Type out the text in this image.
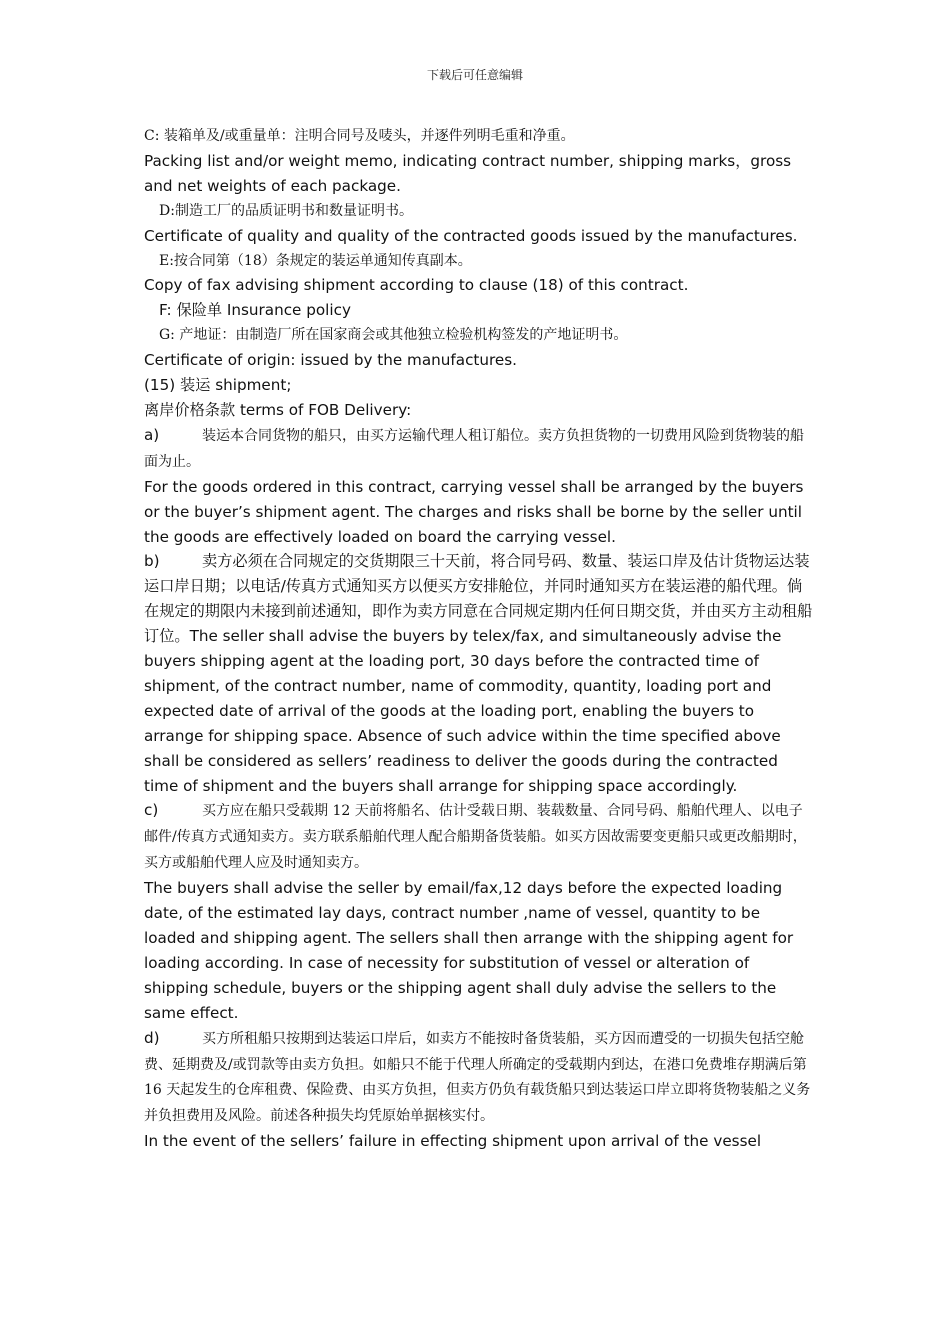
下载后可任意编辑

C: 装箱单及/或重量单：注明合同号及唛头，并逐件列明毛重和净重。

Packing list and/or weight memo, indicating contract number, shipping marks，gross and net weights of each package.

D:制造工厂的品质证明书和数量证明书。

Certificate of quality and quality of the contracted goods issued by the manufactures.

E:按合同第（18）条规定的装运单通知传真副本。

Copy of fax advising shipment according to clause (18) of this contract.

F: 保险单 Insurance policy

G: 产地证：由制造厂所在国家商会或其他独立检验机构签发的产地证明书。

Certificate of origin: issued by the manufactures.

(15) 装运 shipment;

离岸价格条款 terms of FOB Delivery:

a)	装运本合同货物的船只，由买方运输代理人租订船位。卖方负担货物的一切费用风险到货物装的船面为止。

For the goods ordered in this contract, carrying vessel shall be arranged by the buyers or the buyer’s shipment agent. The charges and risks shall be borne by the seller until the goods are effectively loaded on board the carrying vessel.

b)	卖方必须在合同规定的交货期限三十天前，将合同号码、数量、装运口岸及估计货物运达装运口岸日期；以电话/传真方式通知买方以便买方安排舱位，并同时通知买方在装运港的船代理。倘在规定的期限内未接到前述通知，即作为卖方同意在合同规定期内任何日期交货，并由买方主动租船订位。The seller shall advise the buyers by telex/fax, and simultaneously advise the buyers shipping agent at the loading port, 30 days before the contracted time of shipment, of the contract number, name of commodity, quantity, loading port and expected date of arrival of the goods at the loading port, enabling the buyers to arrange for shipping space. Absence of such advice within the time specified above shall be considered as sellers’ readiness to deliver the goods during the contracted time of shipment and the buyers shall arrange for shipping space accordingly.

c)	买方应在船只受载期 12 天前将船名、估计受载日期、装载数量、合同号码、船舶代理人、以电子邮件/传真方式通知卖方。卖方联系船舶代理人配合船期备货装船。如买方因故需要变更船只或更改船期时，买方或船舶代理人应及时通知卖方。

The buyers shall advise the seller by email/fax,12 days before the expected loading date, of the estimated lay days, contract number ,name of vessel, quantity to be loaded and shipping agent. The sellers shall then arrange with the shipping agent for loading according. In case of necessity for substitution of vessel or alteration of shipping schedule, buyers or the shipping agent shall duly advise the sellers to the same effect.

d)	买方所租船只按期到达装运口岸后，如卖方不能按时备货装船，买方因而遭受的一切损失包括空舱费、延期费及/或罚款等由卖方负担。如船只不能于代理人所确定的受载期内到达，在港口免费堆存期满后第 16 天起发生的仓库租费、保险费、由买方负担，但卖方仍负有载货船只到达装运口岸立即将货物装船之义务并负担费用及风险。前述各种损失均凭原始单据核实付。

In the event of the sellers’ failure in effecting shipment upon arrival of the vessel
